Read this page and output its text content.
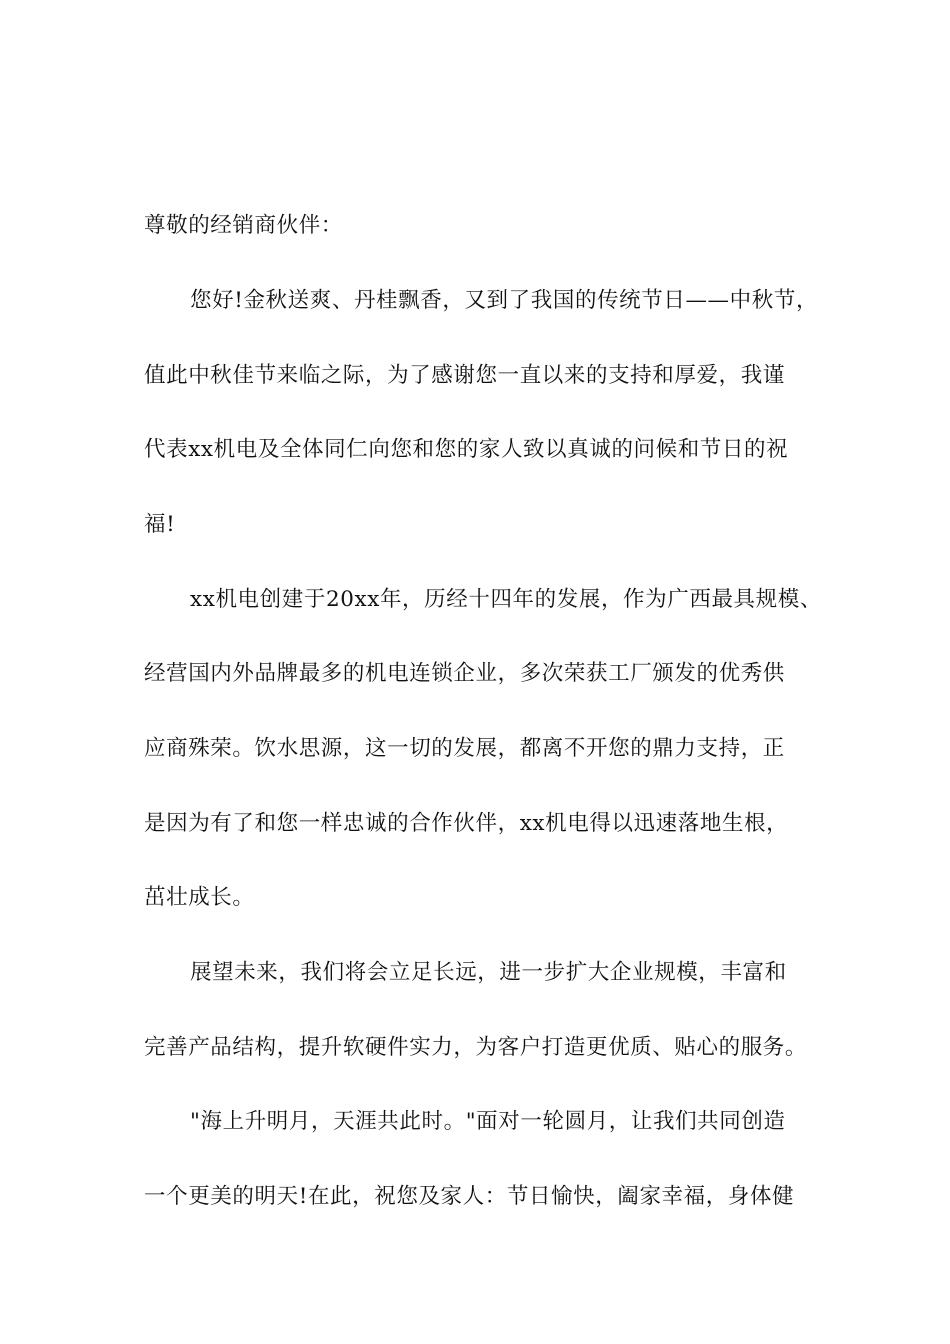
尊敬的经销商伙伴：
您好!金秋送爽、丹桂飘香，又到了我国的传统节日——中秋节，
值此中秋佳节来临之际，为了感谢您一直以来的支持和厚爱，我谨
代表xx机电及全体同仁向您和您的家人致以真诚的问候和节日的祝
福!
xx机电创建于20xx年，历经十四年的发展，作为广西最具规模、
经营国内外品牌最多的机电连锁企业，多次荣获工厂颁发的优秀供
应商殊荣。饮水思源，这一切的发展，都离不开您的鼎力支持，正
是因为有了和您一样忠诚的合作伙伴，xx机电得以迅速落地生根，
茁壮成长。
展望未来，我们将会立足长远，进一步扩大企业规模，丰富和
完善产品结构，提升软硬件实力，为客户打造更优质、贴心的服务。
"海上升明月，天涯共此时。"面对一轮圆月，让我们共同创造
一个更美的明天!在此，祝您及家人：节日愉快，阖家幸福，身体健
